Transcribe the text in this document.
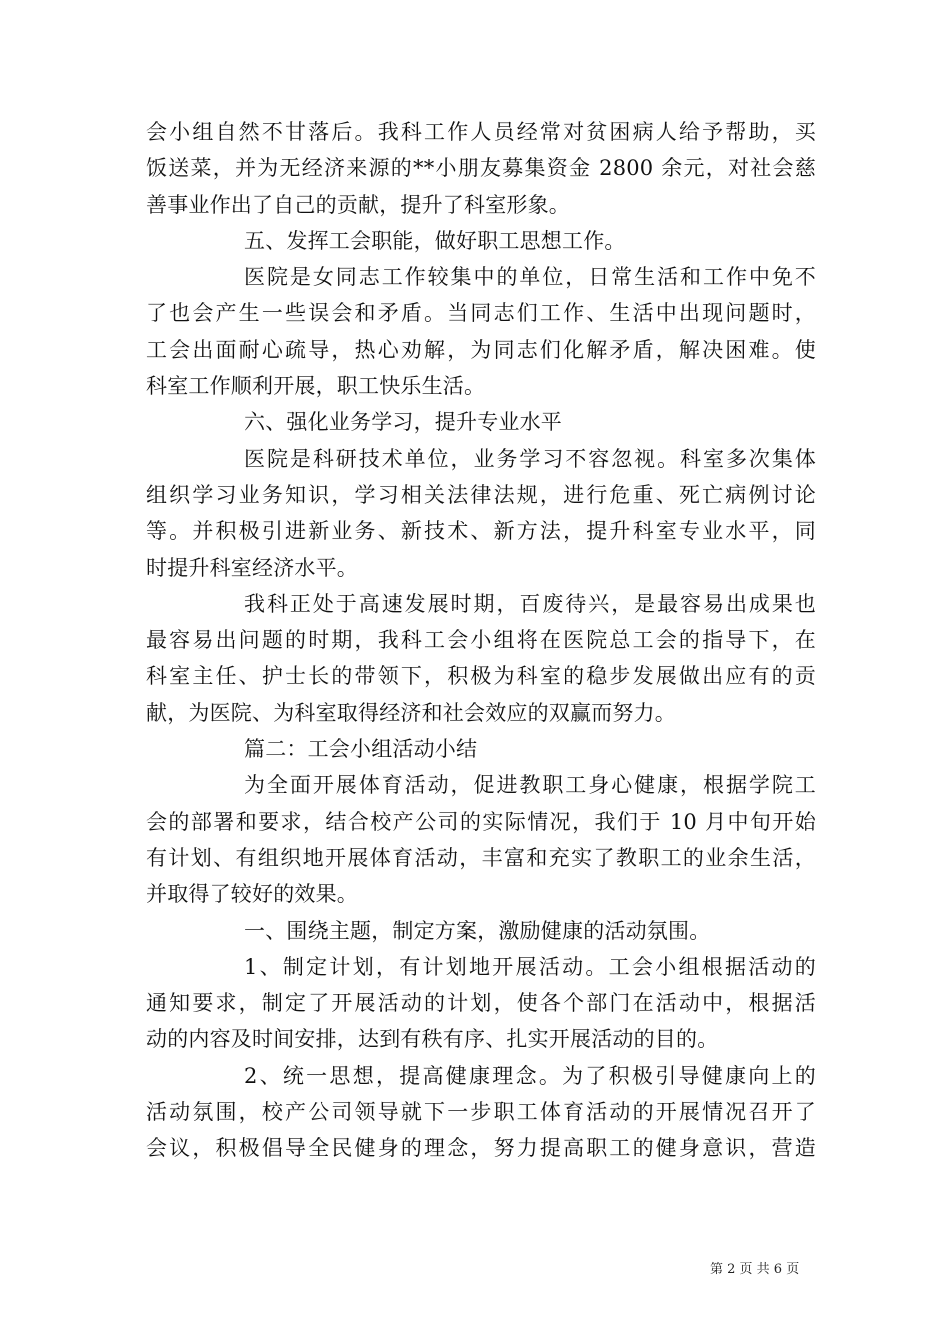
会小组自然不甘落后。我科工作人员经常对贫困病人给予帮助，买
饭送菜，并为无经济来源的**小朋友募集资金 2800 余元，对社会慈
善事业作出了自己的贡献，提升了科室形象。
五、发挥工会职能，做好职工思想工作。
医院是女同志工作较集中的单位，日常生活和工作中免不
了也会产生一些误会和矛盾。当同志们工作、生活中出现问题时，
工会出面耐心疏导，热心劝解，为同志们化解矛盾，解决困难。使
科室工作顺利开展，职工快乐生活。
六、强化业务学习，提升专业水平
医院是科研技术单位，业务学习不容忽视。科室多次集体
组织学习业务知识，学习相关法律法规，进行危重、死亡病例讨论
等。并积极引进新业务、新技术、新方法，提升科室专业水平，同
时提升科室经济水平。
我科正处于高速发展时期，百废待兴，是最容易出成果也
最容易出问题的时期，我科工会小组将在医院总工会的指导下，在
科室主任、护士长的带领下，积极为科室的稳步发展做出应有的贡
献，为医院、为科室取得经济和社会效应的双赢而努力。
篇二：工会小组活动小结
为全面开展体育活动，促进教职工身心健康，根据学院工
会的部署和要求，结合校产公司的实际情况，我们于 10 月中旬开始
有计划、有组织地开展体育活动，丰富和充实了教职工的业余生活，
并取得了较好的效果。
一、围绕主题，制定方案，激励健康的活动氛围。
1、制定计划，有计划地开展活动。工会小组根据活动的
通知要求，制定了开展活动的计划，使各个部门在活动中，根据活
动的内容及时间安排，达到有秩有序、扎实开展活动的目的。
2、统一思想，提高健康理念。为了积极引导健康向上的
活动氛围，校产公司领导就下一步职工体育活动的开展情况召开了
会议，积极倡导全民健身的理念，努力提高职工的健身意识，营造
第 2 页 共 6 页
